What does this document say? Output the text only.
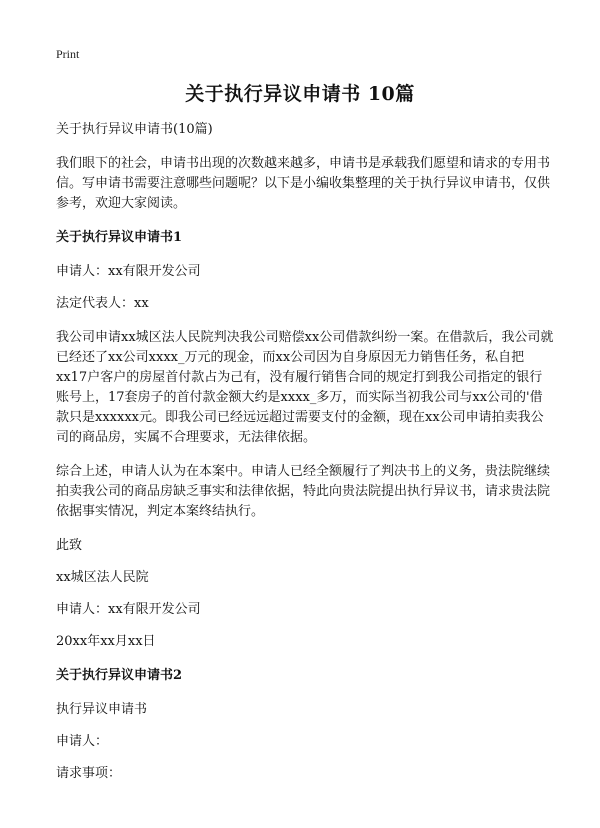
Print
关于执行异议申请书 10篇

关于执行异议申请书(10篇)

我们眼下的社会，申请书出现的次数越来越多，申请书是承载我们愿望和请求的专用书信。写申请书需要注意哪些问题呢？以下是小编收集整理的关于执行异议申请书，仅供参考，欢迎大家阅读。

关于执行异议申请书1

申请人：xx有限开发公司

法定代表人：xx

我公司申请xx城区法人民院判决我公司赔偿xx公司借款纠纷一案。在借款后，我公司就已经还了xx公司xxxx_万元的现金，而xx公司因为自身原因无力销售任务，私自把xx17户客户的房屋首付款占为己有，没有履行销售合同的规定打到我公司指定的银行账号上，17套房子的首付款金额大约是xxxx_多万，而实际当初我公司与xx公司的'借款只是xxxxxx元。即我公司已经远远超过需要支付的金额，现在xx公司申请拍卖我公司的商品房，实属不合理要求，无法律依据。

综合上述，申请人认为在本案中。申请人已经全额履行了判决书上的义务，贵法院继续拍卖我公司的商品房缺乏事实和法律依据，特此向贵法院提出执行异议书，请求贵法院依据事实情况，判定本案终结执行。

此致

xx城区法人民院

申请人：xx有限开发公司

20xx年xx月xx日

关于执行异议申请书2

执行异议申请书

申请人：

请求事项：
